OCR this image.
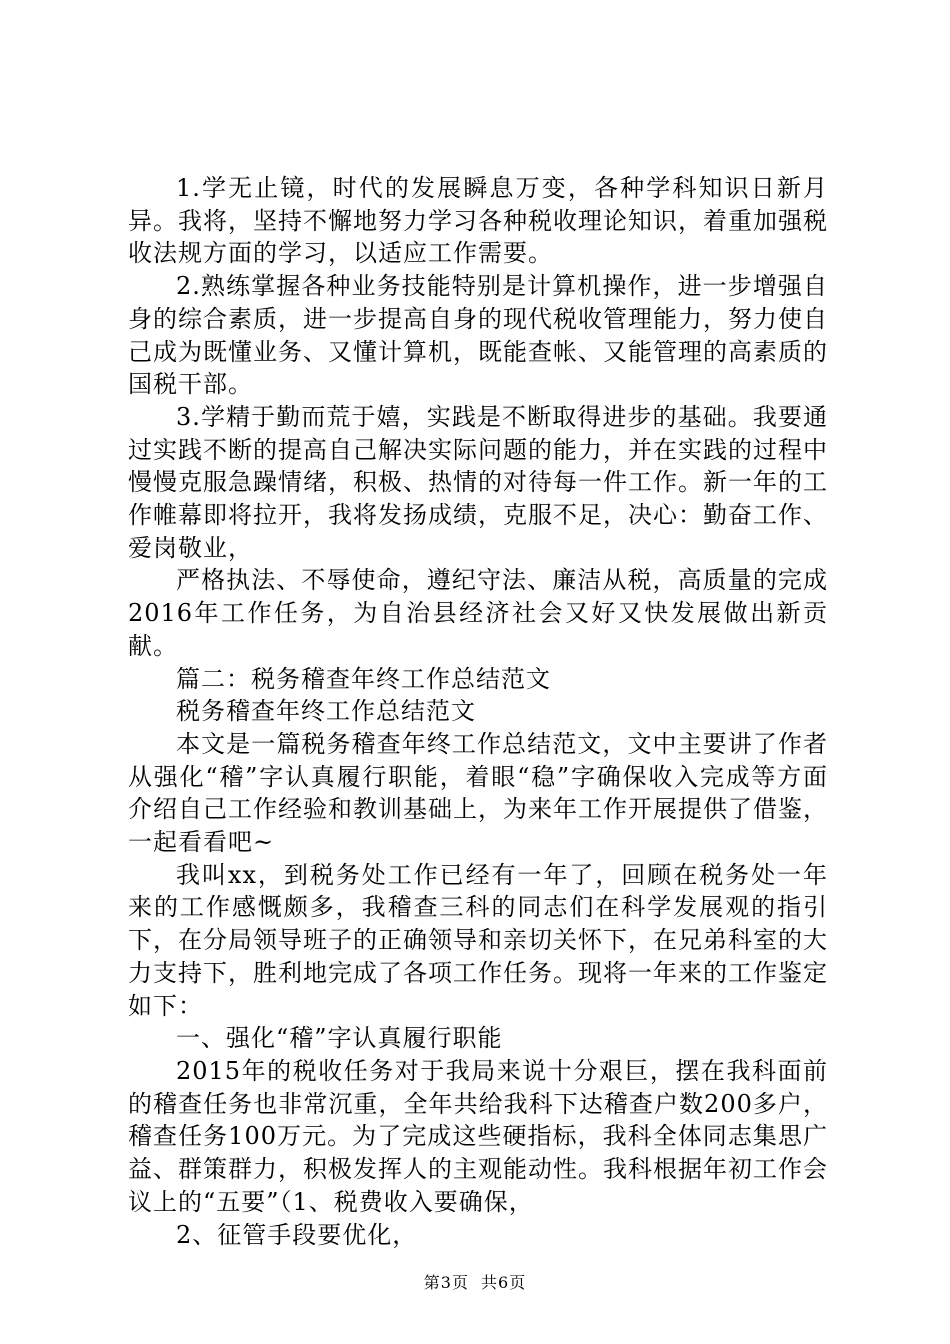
1.学无止镜，时代的发展瞬息万变，各种学科知识日新月异。我将，坚持不懈地努力学习各种税收理论知识，着重加强税收法规方面的学习，以适应工作需要。

2.熟练掌握各种业务技能特别是计算机操作，进一步增强自身的综合素质，进一步提高自身的现代税收管理能力，努力使自己成为既懂业务、又懂计算机，既能查帐、又能管理的高素质的国税干部。

3.学精于勤而荒于嬉，实践是不断取得进步的基础。我要通过实践不断的提高自己解决实际问题的能力，并在实践的过程中慢慢克服急躁情绪，积极、热情的对待每一件工作。新一年的工作帷幕即将拉开，我将发扬成绩，克服不足，决心：勤奋工作、爱岗敬业，

严格执法、不辱使命，遵纪守法、廉洁从税，高质量的完成2016年工作任务，为自治县经济社会又好又快发展做出新贡献。

篇二：税务稽查年终工作总结范文

税务稽查年终工作总结范文

本文是一篇税务稽查年终工作总结范文，文中主要讲了作者从强化“稽”字认真履行职能，着眼“稳”字确保收入完成等方面介绍自己工作经验和教训基础上，为来年工作开展提供了借鉴，一起看看吧~

我叫xx，到税务处工作已经有一年了，回顾在税务处一年来的工作感慨颇多，我稽查三科的同志们在科学发展观的指引下，在分局领导班子的正确领导和亲切关怀下，在兄弟科室的大力支持下，胜利地完成了各项工作任务。现将一年来的工作鉴定如下：

一、强化“稽”字认真履行职能

2015年的税收任务对于我局来说十分艰巨，摆在我科面前的稽查任务也非常沉重，全年共给我科下达稽查户数200多户，稽查任务100万元。为了完成这些硬指标，我科全体同志集思广益、群策群力，积极发挥人的主观能动性。我科根据年初工作会议上的“五要”（1、税费收入要确保，

2、征管手段要优化，

第3页 共6页
